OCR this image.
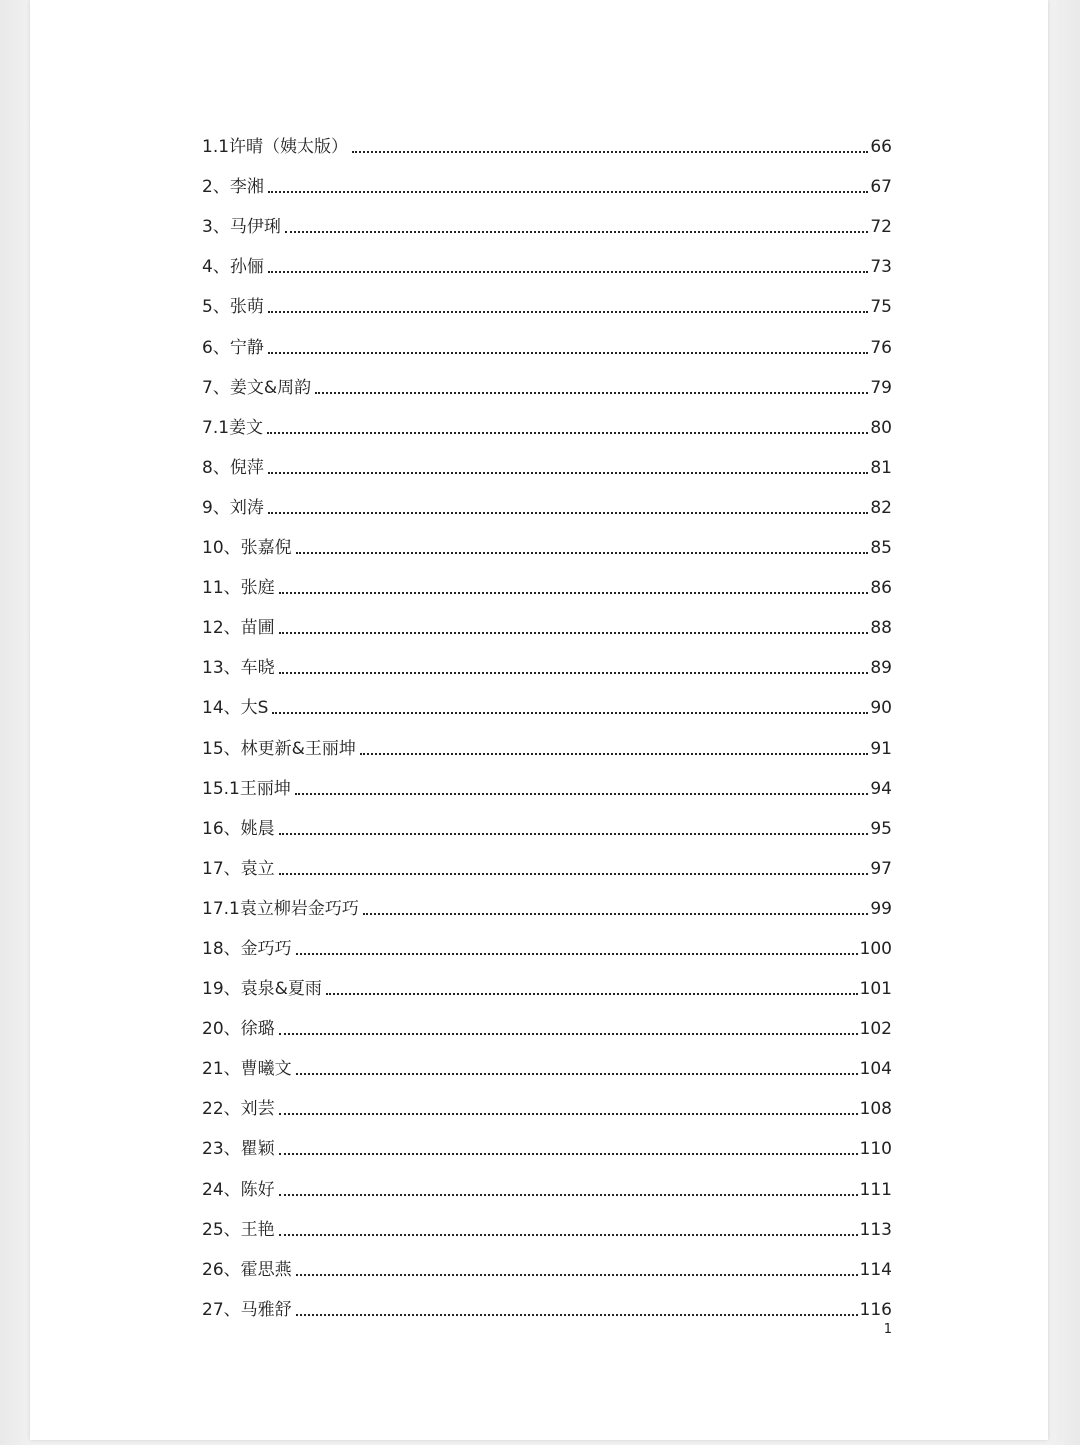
1.1许晴（姨太版）	66
2、李湘	67
3、马伊琍	72
4、孙俪	73
5、张萌	75
6、宁静	76
7、姜文&周韵	79
7.1姜文	80
8、倪萍	81
9、刘涛	82
10、张嘉倪	85
11、张庭	86
12、苗圃	88
13、车晓	89
14、大S	90
15、林更新&王丽坤	91
15.1王丽坤	94
16、姚晨	95
17、袁立	97
17.1袁立柳岩金巧巧	99
18、金巧巧	100
19、袁泉&夏雨	101
20、徐璐	102
21、曹曦文	104
22、刘芸	108
23、瞿颖	110
24、陈好	111
25、王艳	113
26、霍思燕	114
27、马雅舒	116
1
